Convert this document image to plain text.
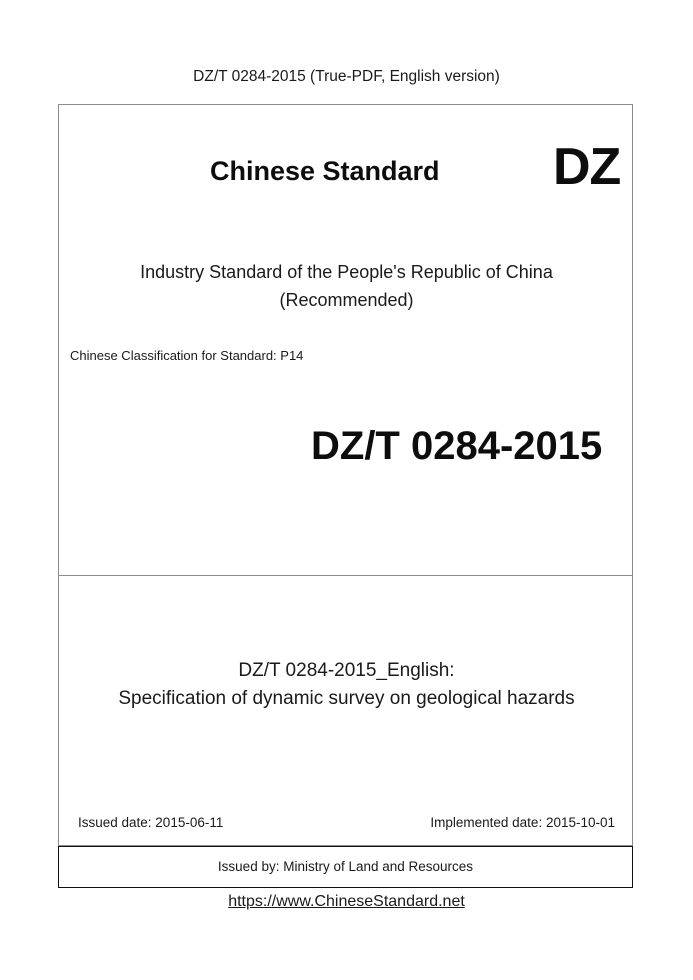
DZ/T 0284-2015 (True-PDF, English version)
Chinese Standard DZ
Industry Standard of the People's Republic of China
(Recommended)
Chinese Classification for Standard: P14
DZ/T 0284-2015
DZ/T 0284-2015_English:
Specification of dynamic survey on geological hazards
Issued date: 2015-06-11	Implemented date: 2015-10-01
Issued by: Ministry of Land and Resources
https://www.ChineseStandard.net
